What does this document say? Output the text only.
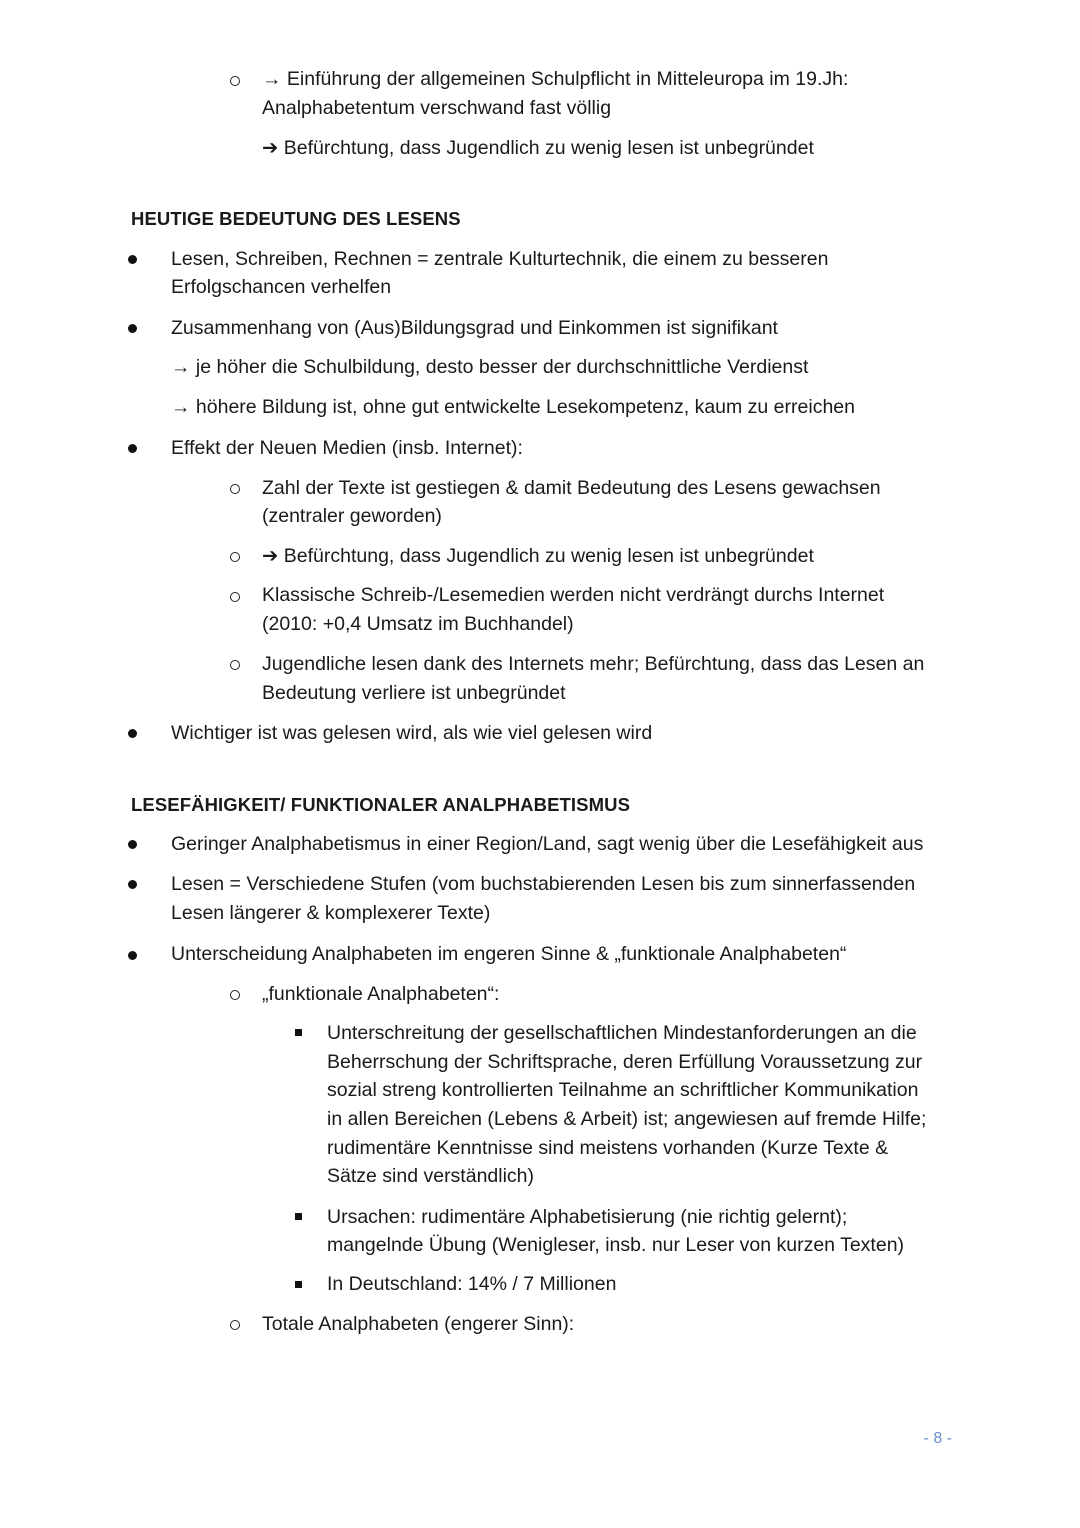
→ Einführung der allgemeinen Schulpflicht in Mitteleuropa im 19.Jh:
Analphabetentum verschwand fast völlig
➔ Befürchtung, dass Jugendlich zu wenig lesen ist unbegründet
HEUTIGE BEDEUTUNG DES LESENS
Lesen, Schreiben, Rechnen = zentrale Kulturtechnik, die einem zu besseren
Erfolgschancen verhelfen
Zusammenhang von (Aus)Bildungsgrad und Einkommen ist signifikant
→ je höher die Schulbildung, desto besser der durchschnittliche Verdienst
→ höhere Bildung ist, ohne gut entwickelte Lesekompetenz, kaum zu erreichen
Effekt der Neuen Medien (insb. Internet):
Zahl der Texte ist gestiegen & damit Bedeutung des Lesens gewachsen
(zentraler geworden)
➔ Befürchtung, dass Jugendlich zu wenig lesen ist unbegründet
Klassische Schreib-/Lesemedien werden nicht verdrängt durchs Internet
(2010: +0,4 Umsatz im Buchhandel)
Jugendliche lesen dank des Internets mehr; Befürchtung, dass das Lesen an
Bedeutung verliere ist unbegründet
Wichtiger ist was gelesen wird, als wie viel gelesen wird
LESEFÄHIGKEIT/ FUNKTIONALER ANALPHABETISMUS
Geringer Analphabetismus in einer Region/Land, sagt wenig über die Lesefähigkeit aus
Lesen = Verschiedene Stufen (vom buchstabierenden Lesen bis zum sinnerfassenden
Lesen längerer & komplexerer Texte)
Unterscheidung Analphabeten im engeren Sinne & „funktionale Analphabeten“
„funktionale Analphabeten“:
Unterschreitung der gesellschaftlichen Mindestanforderungen an die
Beherrschung der Schriftsprache, deren Erfüllung Voraussetzung zur
sozial streng kontrollierten Teilnahme an schriftlicher Kommunikation
in allen Bereichen (Lebens & Arbeit) ist; angewiesen auf fremde Hilfe;
rudimentäre Kenntnisse sind meistens vorhanden (Kurze Texte &
Sätze sind verständlich)
Ursachen: rudimentäre Alphabetisierung (nie richtig gelernt);
mangelnde Übung (Wenigleser, insb. nur Leser von kurzen Texten)
In Deutschland: 14% / 7 Millionen
Totale Analphabeten (engerer Sinn):
- 8 -
